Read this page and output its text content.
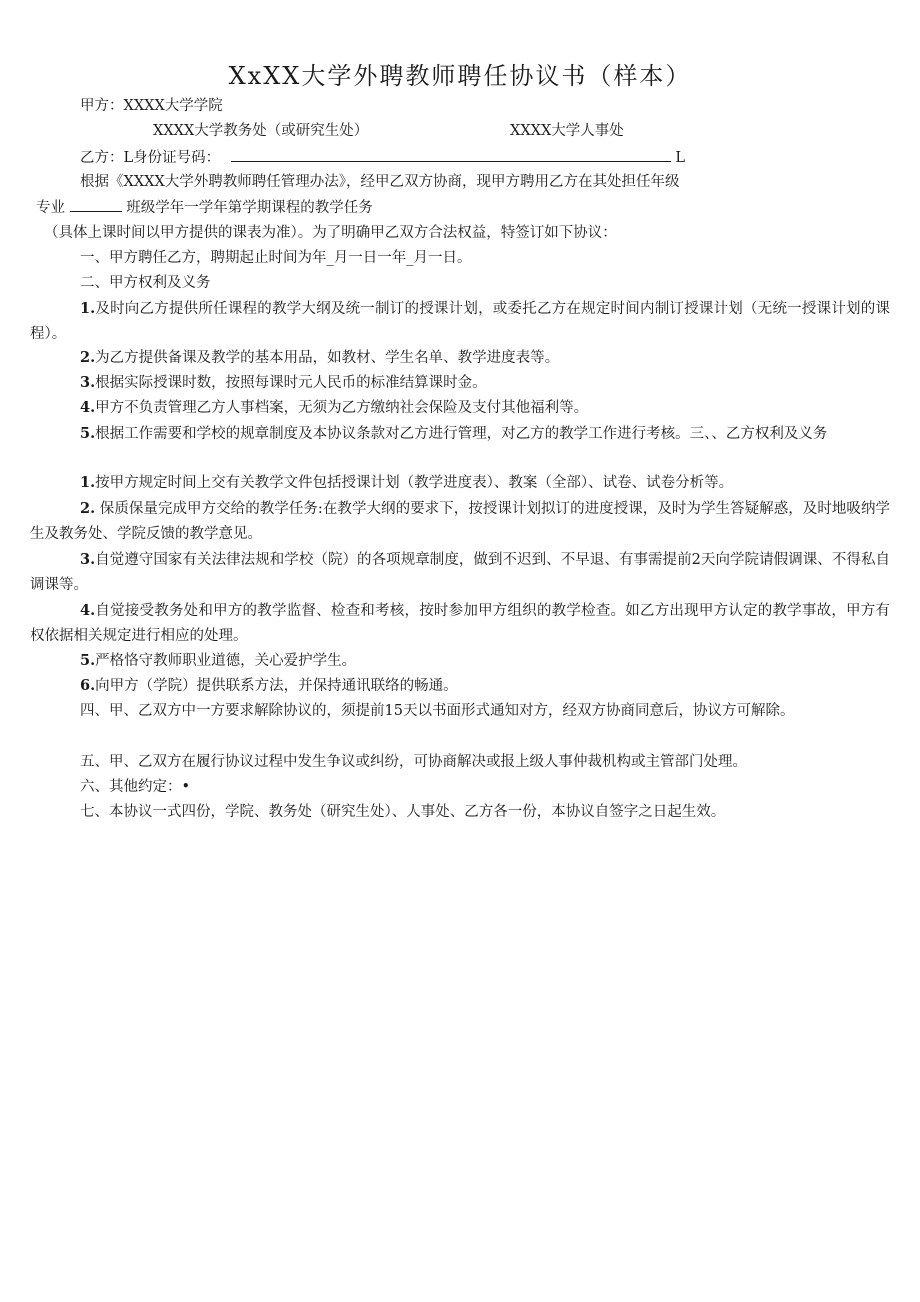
XxXX大学外聘教师聘任协议书（样本）
甲方：XXXX大学学院
XXXX大学教务处（或研究生处）	XXXX大学人事处
乙方：L身份证号码：	L
根据《XXXX大学外聘教师聘任管理办法》，经甲乙双方协商，现甲方聘用乙方在其处担任年级
专业	班级学年一学年第学期课程的教学任务
（具体上课时间以甲方提供的课表为准）。为了明确甲乙双方合法权益，特签订如下协议：
一、甲方聘任乙方，聘期起止时间为年_月一日一年_月一日。
二、甲方权利及义务
1.及时向乙方提供所任课程的教学大纲及统一制订的授课计划，或委托乙方在规定时间内制订授课计划（无统一授课计划的课程）。
2.为乙方提供备课及教学的基本用品，如教材、学生名单、教学进度表等。
3.根据实际授课时数，按照每课时元人民币的标准结算课时金。
4.甲方不负责管理乙方人事档案，无须为乙方缴纳社会保险及支付其他福利等。
5.根据工作需要和学校的规章制度及本协议条款对乙方进行管理，对乙方的教学工作进行考核。三、、乙方权利及义务
1.按甲方规定时间上交有关教学文件包括授课计划（教学进度表）、教案（全部）、试卷、试卷分析等。
2. 保质保量完成甲方交给的教学任务:在教学大纲的要求下，按授课计划拟订的进度授课，及时为学生答疑解惑，及时地吸纳学生及教务处、学院反馈的教学意见。
3.自觉遵守国家有关法律法规和学校（院）的各项规章制度，做到不迟到、不早退、有事需提前2天向学院请假调课、不得私自调课等。
4.自觉接受教务处和甲方的教学监督、检查和考核，按时参加甲方组织的教学检查。如乙方出现甲方认定的教学事故，甲方有权依据相关规定进行相应的处理。
5.严格恪守教师职业道德，关心爱护学生。
6.向甲方（学院）提供联系方法，并保持通讯联络的畅通。
四、甲、乙双方中一方要求解除协议的，须提前15天以书面形式通知对方，经双方协商同意后，协议方可解除。
五、甲、乙双方在履行协议过程中发生争议或纠纷，可协商解决或报上级人事仲裁机构或主管部门处理。
六、其他约定：•
七、本协议一式四份，学院、教务处（研究生处）、人事处、乙方各一份，本协议自签字之日起生效。
